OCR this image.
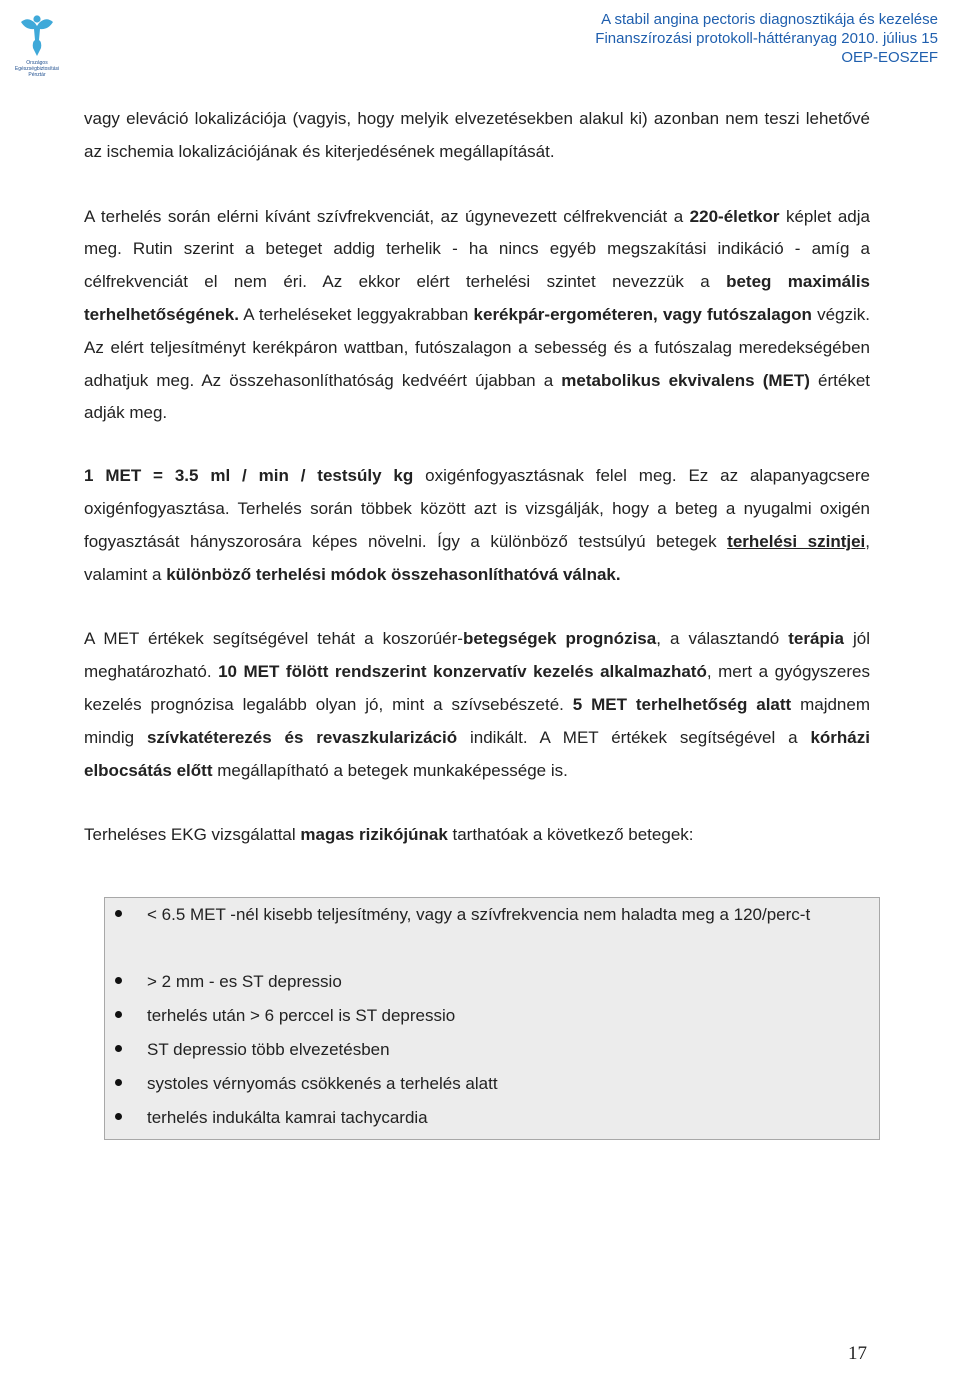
Országos Egészségbiztosítási Pénztár
A stabil angina pectoris diagnosztikája és kezelése
Finanszírozási protokoll-háttéranyag 2010. július 15
OEP-EOSZEF

vagy eleváció lokalizációja (vagyis, hogy melyik elvezetésekben alakul ki) azonban nem teszi lehetővé az ischemia lokalizációjának és kiterjedésének megállapítását.

A terhelés során elérni kívánt szívfrekvenciát, az úgynevezett célfrekvenciát a 220-életkor képlet adja meg. Rutin szerint a beteget addig terhelik - ha nincs egyéb megszakítási indikáció - amíg a célfrekvenciát el nem éri. Az ekkor elért terhelési szintet nevezzük a beteg maximális terhelhetőségének. A terheléseket leggyakrabban kerékpár-ergométeren, vagy futószalagon végzik. Az elért teljesítményt kerékpáron wattban, futószalagon a sebesség és a futószalag meredekségében adhatjuk meg. Az összehasonlíthatóság kedvéért újabban a metabolikus ekvivalens (MET) értéket adják meg.

1 MET = 3.5 ml / min / testsúly kg oxigénfogyasztásnak felel meg. Ez az alapanyagcsere oxigénfogyasztása. Terhelés során többek között azt is vizsgálják, hogy a beteg a nyugalmi oxigén fogyasztását hányszorosára képes növelni. Így a különböző testsúlyú betegek terhelési szintjei, valamint a különböző terhelési módok összehasonlíthatóvá válnak.

A MET értékek segítségével tehát a koszorúér-betegségek prognózisa, a választandó terápia jól meghatározható. 10 MET fölött rendszerint konzervatív kezelés alkalmazható, mert a gyógyszeres kezelés prognózisa legalább olyan jó, mint a szívsebészeté. 5 MET terhelhetőség alatt majdnem mindig szívkatéterezés és revaszkularizáció indikált. A MET értékek segítségével a kórházi elbocsátás előtt megállapítható a betegek munkaképessége is.

Terheléses EKG vizsgálattal magas rizikójúnak tarthatóak a következő betegek:

< 6.5 MET -nél kisebb teljesítmény, vagy a szívfrekvencia nem haladta meg a 120/perc-t
> 2 mm - es ST depressio
terhelés után > 6 perccel is ST depressio
ST depressio több elvezetésben
systoles vérnyomás csökkenés a terhelés alatt
terhelés indukálta kamrai tachycardia
17
